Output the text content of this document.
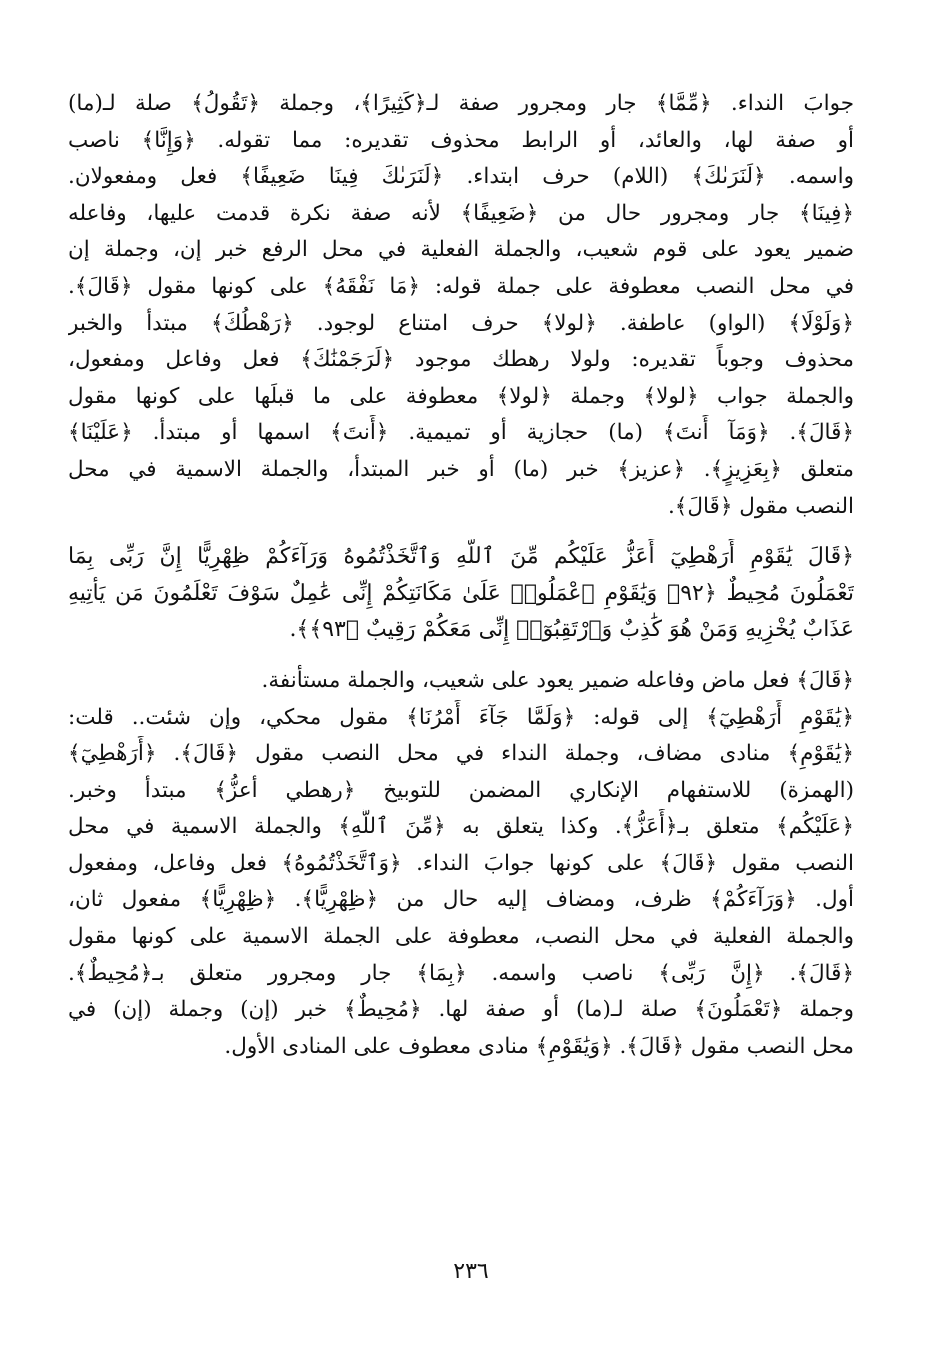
جوابَ النداء. ﴿مِّمَّا﴾ جار ومجرور صفة لـ﴿كَثِيرًا﴾، وجملة ﴿تَقُولُ﴾ صلة لـ(ما)
أو صفة لها، والعائد، أو الرابط محذوف تقديره: مما تقوله. ﴿وَإِنَّا﴾ ناصب
واسمه. ﴿لَنَرَىٰكَ﴾ (اللام) حرف ابتداء. ﴿لَنَرَىٰكَ فِينَا ضَعِيفًا﴾ فعل ومفعولان.
﴿فِينَا﴾ جار ومجرور حال من ﴿ضَعِيفًا﴾ لأنه صفة نكرة قدمت عليها، وفاعله
ضمير يعود على قوم شعيب، والجملة الفعلية في محل الرفع خبر إن، وجملة إن
في محل النصب معطوفة على جملة قوله: ﴿مَا نَفْقَهُ﴾ على كونها مقول ﴿قَالَ﴾.
﴿وَلَوْلَا﴾ (الواو) عاطفة. ﴿لولا﴾ حرف امتناع لوجود. ﴿رَهْطُكَ﴾ مبتدأ والخبر
محذوف وجوباً تقديره: ولولا رهطك موجود ﴿لَرَجَمْنَٰكَ﴾ فعل وفاعل ومفعول،
والجملة جواب ﴿لولا﴾ وجملة ﴿لولا﴾ معطوفة على ما قبلَها على كونها مقول
﴿قَالَ﴾. ﴿وَمَآ أَنتَ﴾ (ما) حجازية أو تميمية. ﴿أَنتَ﴾ اسمها أو مبتدأ. ﴿عَلَيْنَا﴾
متعلق ﴿بِعَزِيزٍ﴾. ﴿عزيز﴾ خبر (ما) أو خبر المبتدأ، والجملة الاسمية في محل
النصب مقول ﴿قَالَ﴾.
﴿قَالَ يَٰقَوْمِ أَرَهْطِيٓ أَعَزُّ عَلَيْكُم مِّنَ ٱللَّهِ وَٱتَّخَذْتُمُوهُ وَرَآءَكُمْ ظِهْرِيًّا إِنَّ رَبِّى بِمَا
تَعْمَلُونَ مُحِيطٌ ﴿٩٢﴾ وَيَٰقَوْمِ ٱعْمَلُوا۟ عَلَىٰ مَكَانَتِكُمْ إِنِّى عَٰمِلٌ سَوْفَ تَعْلَمُونَ مَن يَأْتِيهِ
عَذَابٌ يُخْزِيهِ وَمَنْ هُوَ كَٰذِبٌ وَٱرْتَقِبُوٓا۟ إِنِّى مَعَكُمْ رَقِيبٌ ﴿٩٣﴾﴾.
﴿قَالَ﴾ فعل ماض وفاعله ضمير يعود على شعيب، والجملة مستأنفة.
﴿يَٰقَوْمِ أَرَهْطِيٓ﴾ إلى قوله: ﴿وَلَمَّا جَآءَ أَمْرُنَا﴾ مقول محكي، وإن شئت.. قلت:
﴿يَٰقَوْمِ﴾ منادى مضاف، وجملة النداء في محل النصب مقول ﴿قَالَ﴾. ﴿أَرَهْطِيٓ﴾
(الهمزة) للاستفهام الإنكاري المضمن للتوبيخ ﴿رهطي أعزُّ﴾ مبتدأ وخبر.
﴿عَلَيْكُم﴾ متعلق بـ﴿أَعَزُّ﴾. وكذا يتعلق به ﴿مِّنَ ٱللَّهِ﴾ والجملة الاسمية في محل
النصب مقول ﴿قَالَ﴾ على كونها جوابَ النداء. ﴿وَٱتَّخَذْتُمُوهُ﴾ فعل وفاعل، ومفعول
أول. ﴿وَرَآءَكُمْ﴾ ظرف، ومضاف إليه حال من ﴿ظِهْرِيًّا﴾. ﴿ظِهْرِيًّا﴾ مفعول ثان،
والجملة الفعلية في محل النصب، معطوفة على الجملة الاسمية على كونها مقول
﴿قَالَ﴾. ﴿إِنَّ رَبِّى﴾ ناصب واسمه. ﴿بِمَا﴾ جار ومجرور متعلق بـ﴿مُحِيطٌ﴾.
وجملة ﴿تَعْمَلُونَ﴾ صلة لـ(ما) أو صفة لها. ﴿مُحِيطٌ﴾ خبر (إن) وجملة (إن) في
محل النصب مقول ﴿قَالَ﴾. ﴿وَيَٰقَوْمِ﴾ منادى معطوف على المنادى الأول.
٢٣٦
